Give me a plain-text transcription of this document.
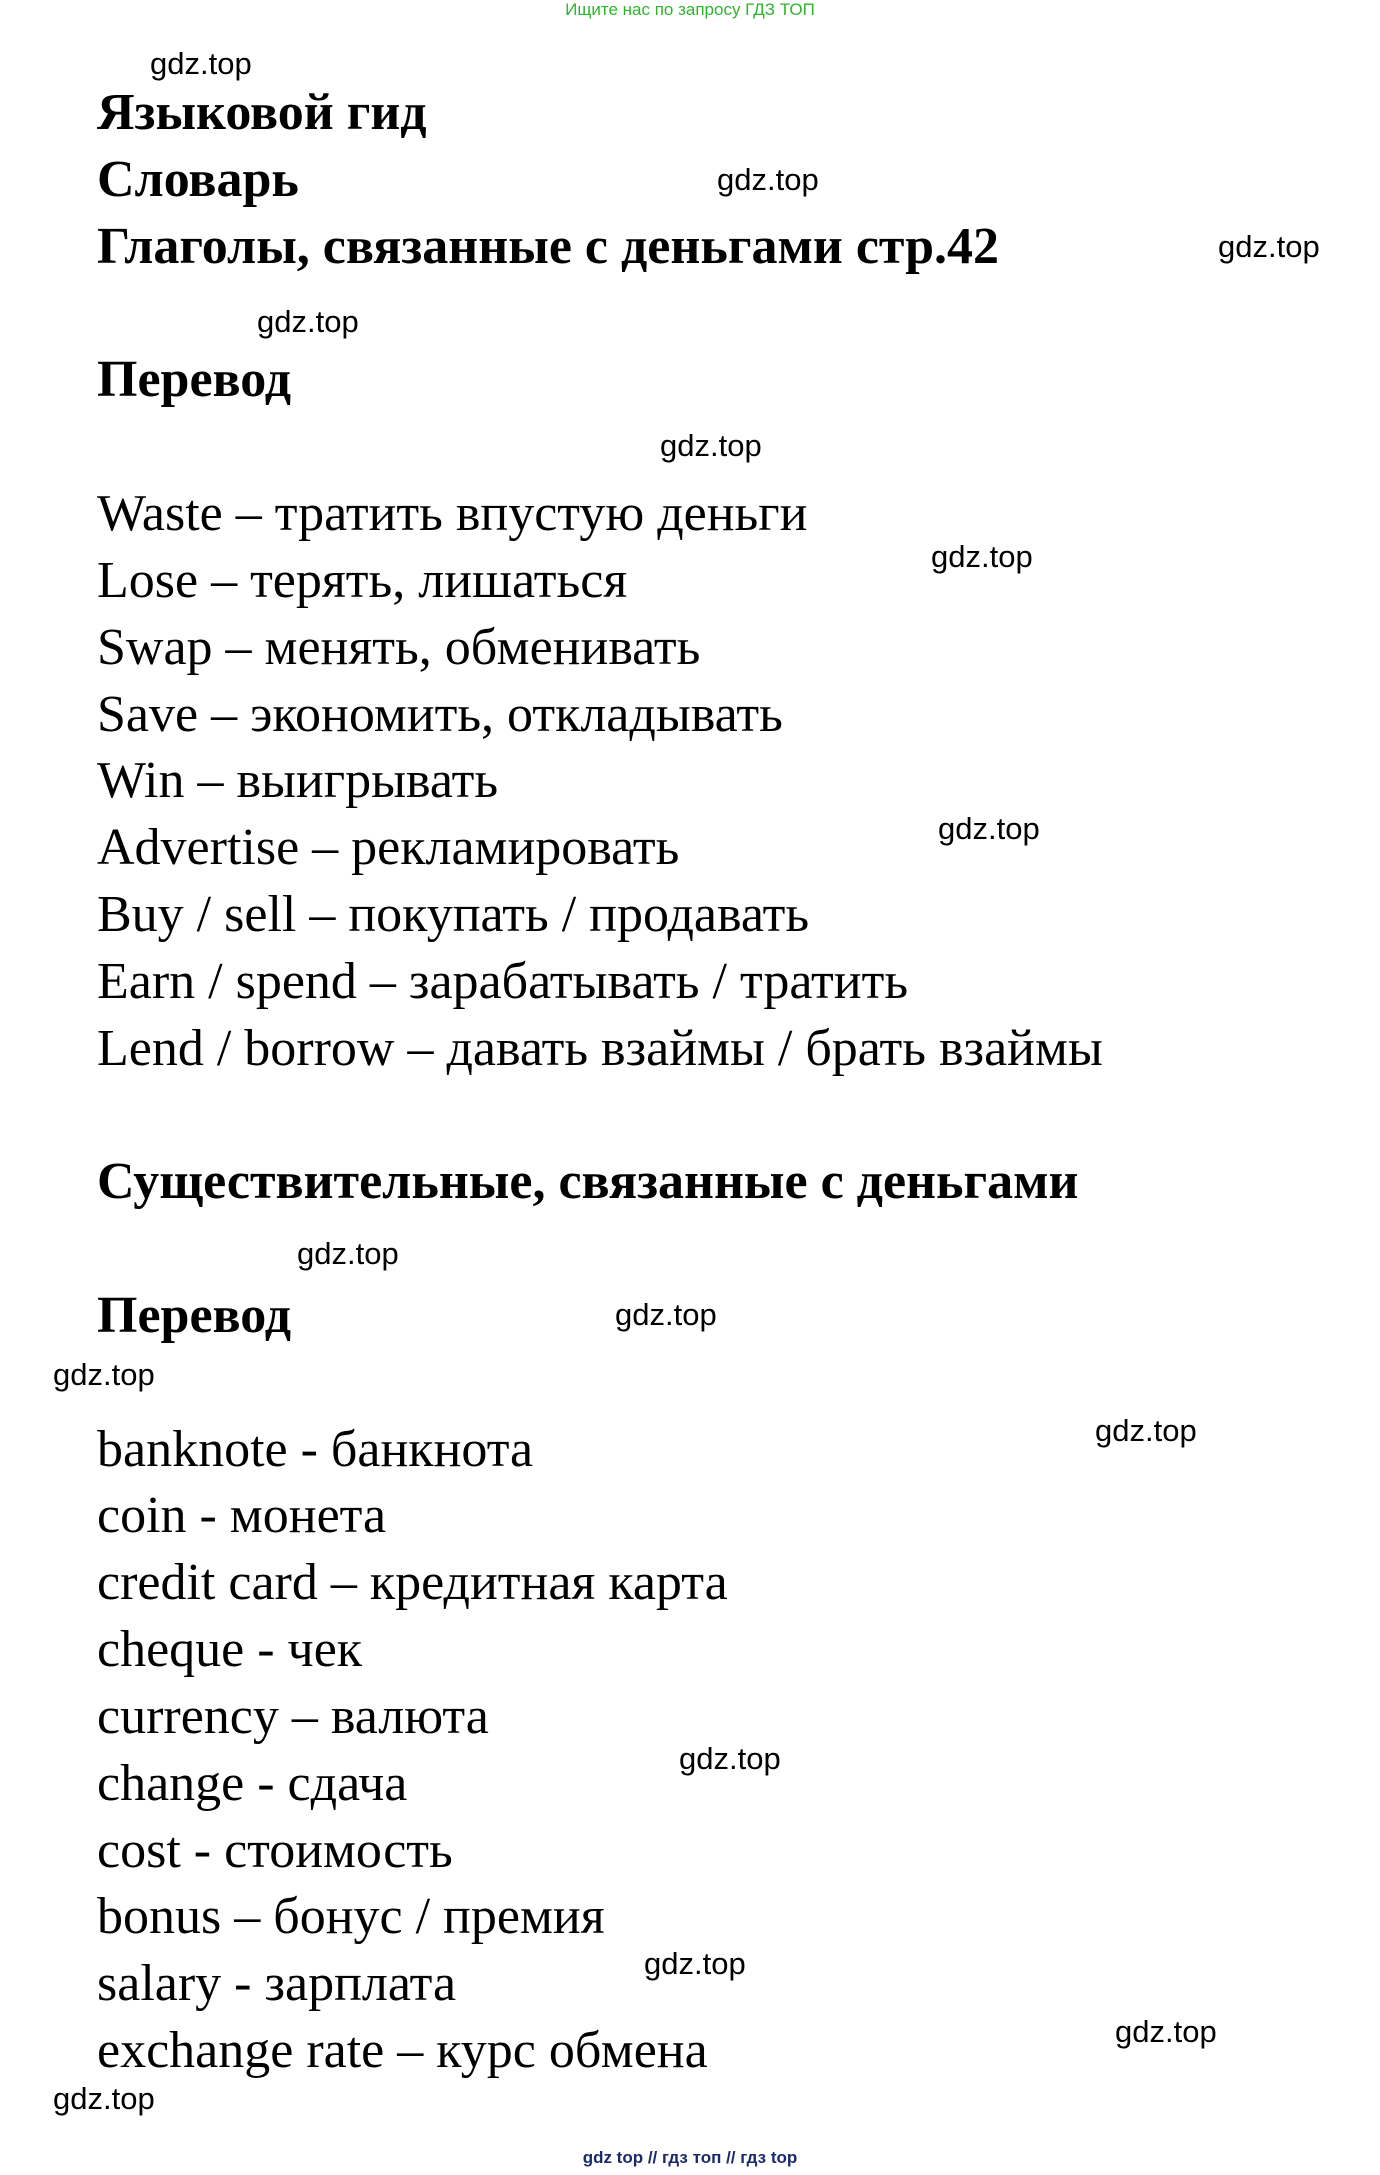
Ищите нас по запросу ГДЗ ТОП
Языковой гид
Словарь
Глаголы, связанные с деньгами стр.42
Перевод
Waste – тратить впустую деньги
Lose – терять, лишаться
Swap – менять, обменивать
Save – экономить, откладывать
Win – выигрывать
Advertise – рекламировать
Buy / sell – покупать / продавать
Earn / spend – зарабатывать / тратить
Lend / borrow – давать взаймы / брать взаймы
Существительные, связанные с деньгами
Перевод
banknote - банкнота
coin - монета
credit card – кредитная карта
cheque - чек
currency – валюта
change - сдача
cost - стоимость
bonus – бонус / премия
salary - зарплата
exchange rate – курс обмена
gdz.top
gdz.top
gdz.top
gdz.top
gdz.top
gdz.top
gdz.top
gdz.top
gdz.top
gdz.top
gdz.top
gdz.top
gdz.top
gdz.top
gdz.top
gdz top // гдз топ // гдз top
